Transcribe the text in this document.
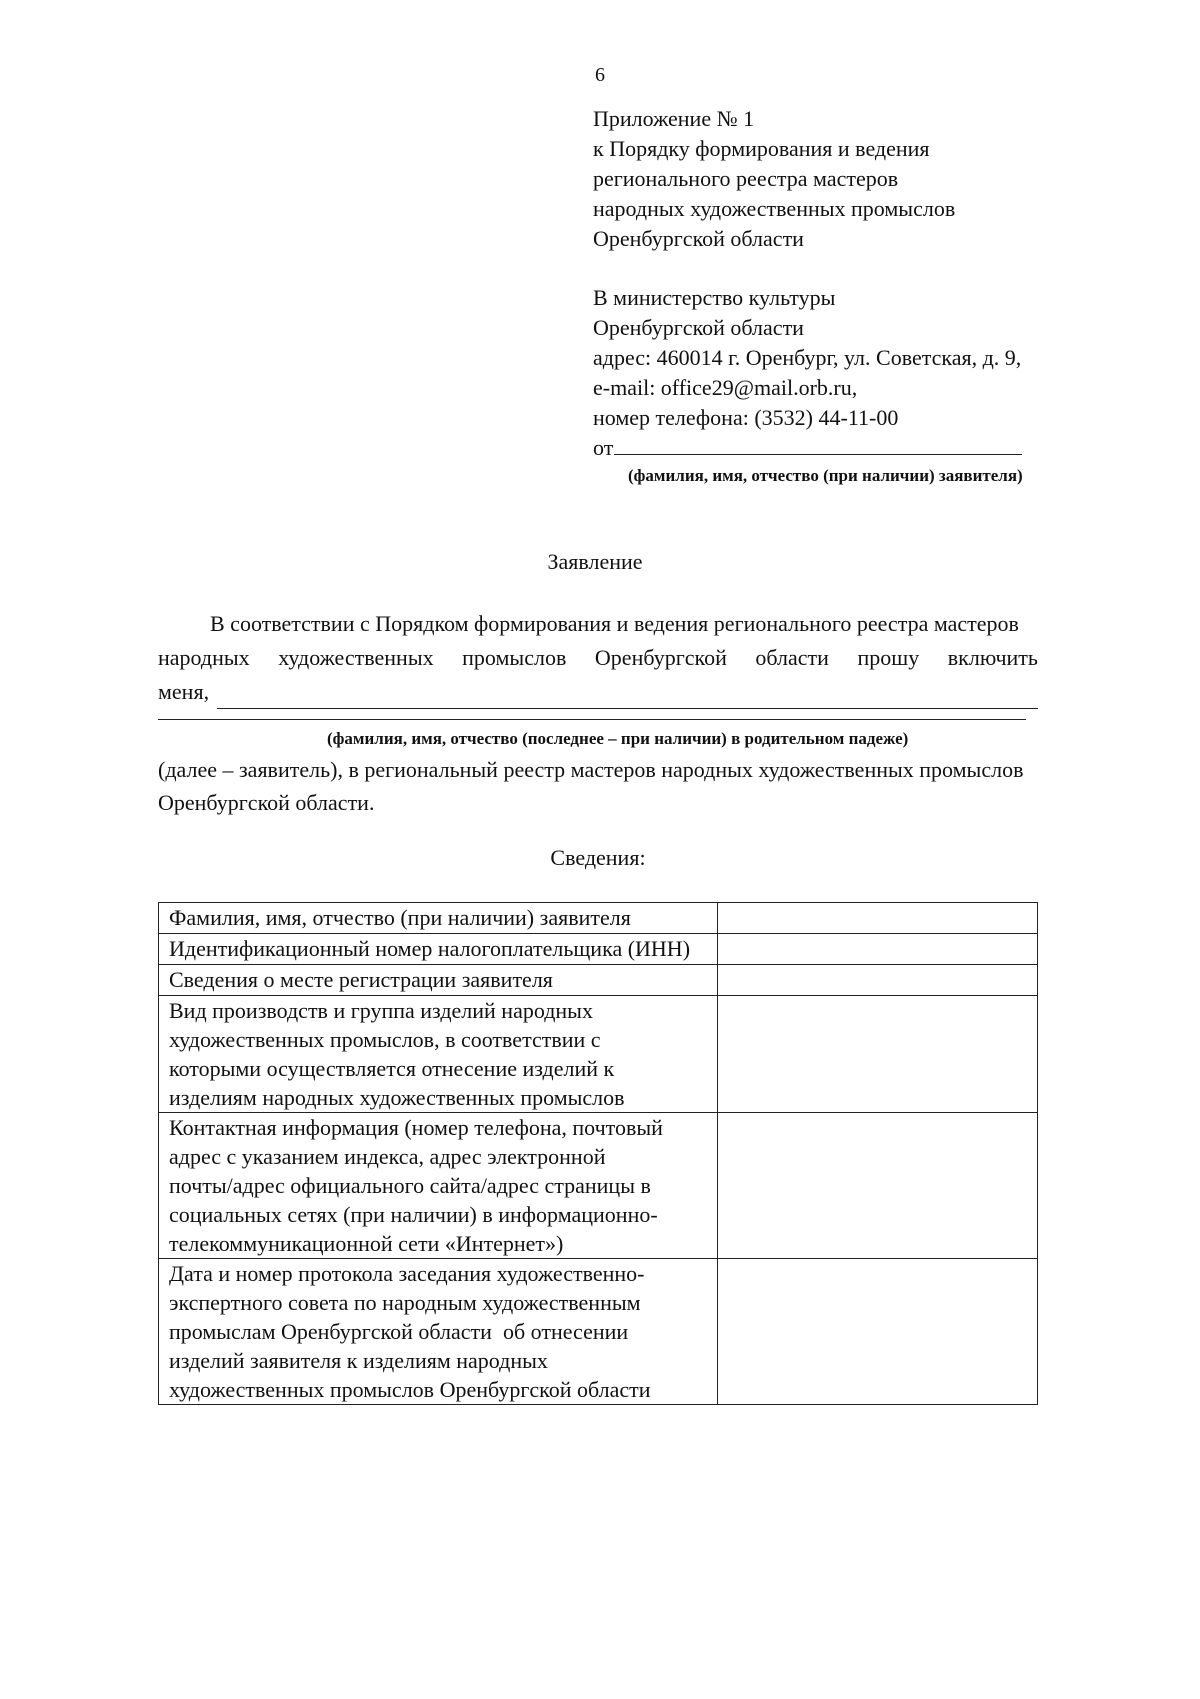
6
Приложение № 1
к Порядку формирования и ведения
регионального реестра мастеров
народных художественных промыслов
Оренбургской области
В министерство культуры
Оренбургской области
адрес: 460014 г. Оренбург, ул. Советская, д. 9,
e-mail: office29@mail.orb.ru,
номер телефона: (3532) 44-11-00
от
(фамилия, имя, отчество (при наличии) заявителя)
Заявление
В соответствии с Порядком формирования и ведения регионального реестра мастеров
народных художественных промыслов Оренбургской области прошу включить
меня,
(фамилия, имя, отчество (последнее – при наличии) в родительном падеже)
(далее – заявитель), в региональный реестр мастеров народных художественных промыслов
Оренбургской области.
Сведения:
Фамилия, имя, отчество (при наличии) заявителя	

Идентификационный номер налогоплательщика (ИНН)	

Сведения о месте регистрации заявителя	

Вид производств и группа изделий народных
художественных промыслов, в соответствии с
которыми осуществляется отнесение изделий к
изделиям народных художественных промыслов	

Контактная информация (номер телефона, почтовый
адрес с указанием индекса, адрес электронной
почты/адрес официального сайта/адрес страницы в
социальных сетях (при наличии) в информационно-
телекоммуникационной сети «Интернет»)	

Дата и номер протокола заседания художественно-
экспертного совета по народным художественным
промыслам Оренбургской области  об отнесении
изделий заявителя к изделиям народных
художественных промыслов Оренбургской области	
